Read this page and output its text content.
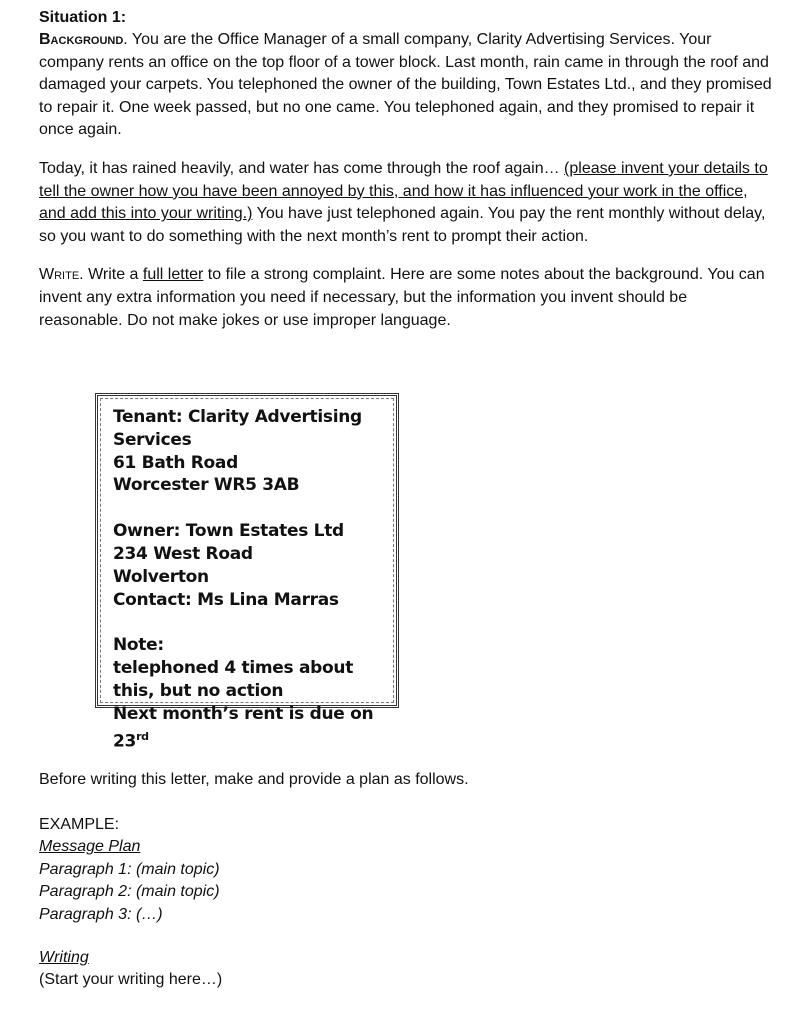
Situation 1:

Background. You are the Office Manager of a small company, Clarity Advertising Services. Your company rents an office on the top floor of a tower block. Last month, rain came in through the roof and damaged your carpets. You telephoned the owner of the building, Town Estates Ltd., and they promised to repair it. One week passed, but no one came. You telephoned again, and they promised to repair it once again.

Today, it has rained heavily, and water has come through the roof again… (please invent your details to tell the owner how you have been annoyed by this, and how it has influenced your work in the office, and add this into your writing.) You have just telephoned again. You pay the rent monthly without delay, so you want to do something with the next month’s rent to prompt their action.

Write. Write a full letter to file a strong complaint. Here are some notes about the background. You can invent any extra information you need if necessary, but the information you invent should be reasonable. Do not make jokes or use improper language.

Tenant: Clarity Advertising Services
61 Bath Road
Worcester WR5 3AB
Owner: Town Estates Ltd
234 West Road
Wolverton
Contact: Ms Lina Marras
Note:
telephoned 4 times about this, but no action
Next month’s rent is due on 23rd
Before writing this letter, make and provide a plan as follows.
EXAMPLE:
Message Plan
Paragraph 1: (main topic)
Paragraph 2: (main topic)
Paragraph 3: (…)
Writing
(Start your writing here…)
